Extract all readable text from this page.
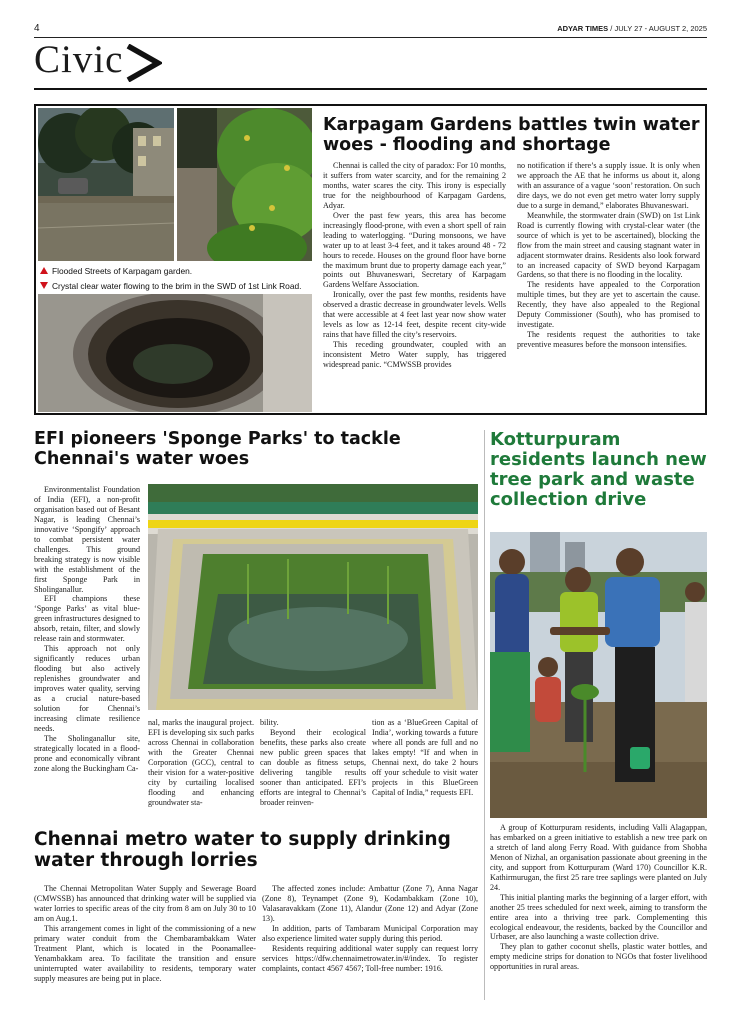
4	ADYAR TIMES / JULY 27 - AUGUST 2, 2025
Civic
Flooded Streets of Karpagam garden.
Crystal clear water flowing to the brim in the SWD of 1st Link Road.
Karpagam Gardens battles twin water woes - flooding and shortage

Chennai is called the city of paradox: For 10 months, it suffers from water scarcity, and for the remaining 2 months, water scares the city. This irony is especially true for the neighbourhood of Karpagam Gardens, Adyar.

Over the past few years, this area has become increasingly flood-prone, with even a short spell of rain leading to waterlogging. “During monsoons, we have water up to at least 3-4 feet, and it takes around 48 - 72 hours to recede. Houses on the ground floor have borne the maximum brunt due to property damage each year,” points out Bhuvaneswari, Secretary of Karpagam Gardens Welfare Association.

Ironically, over the past few months, residents have observed a drastic decrease in groundwater levels. Wells that were accessible at 4 feet last year now show water levels as low as 12-14 feet, despite recent city-wide rains that have filled the city’s reservoirs.

This receding groundwater, coupled with an inconsistent Metro Water supply, has triggered widespread panic. “CMWSSB provides

no notification if there’s a supply issue. It is only when we approach the AE that he informs us about it, along with an assurance of a vague ‘soon’ restoration. On such dire days, we do not even get metro water lorry supply due to a surge in demand,” elaborates Bhuvaneswari.

Meanwhile, the stormwater drain (SWD) on 1st Link Road is currently flowing with crystal-clear water (the source of which is yet to be ascertained), blocking the flow from the main street and causing stagnant water in adjacent stormwater drains. Residents also look forward to an increased capacity of SWD beyond Karpagam Gardens, so that there is no flooding in the locality.

The residents have appealed to the Corporation multiple times, but they are yet to ascertain the cause. Recently, they have also appealed to the Regional Deputy Commissioner (South), who has promised to investigate.

The residents request the authorities to take preventive measures before the monsoon intensifies.

EFI pioneers 'Sponge Parks' to tackle Chennai's water woes

Environmentalist Foundation of India (EFI), a non-profit organisation based out of Besant Nagar, is leading Chennai’s innovative ‘Spongify’ approach to combat persistent water challenges. This ground breaking strategy is now visible with the establishment of the first Sponge Park in Sholinganallur.

EFI champions these ‘Sponge Parks’ as vital blue-green infrastructures designed to absorb, retain, filter, and slowly release rain and stormwater.

This approach not only significantly reduces urban flooding but also actively replenishes groundwater and improves water quality, serving as a crucial nature-based solution for Chennai’s increasing climate resilience needs.

The Sholinganallur site, strategically located in a flood-prone and economically vibrant zone along the Buckingham Ca-

nal, marks the inaugural project. EFI is developing six such parks across Chennai in collaboration with the Greater Chennai Corporation (GCC), central to their vision for a water-positive city by curtailing localised flooding and enhancing groundwater sta-

bility.

Beyond their ecological benefits, these parks also create new public green spaces that can double as fitness setups, delivering tangible results sooner than anticipated. EFI’s efforts are integral to Chennai’s broader reinven-

tion as a ‘BlueGreen Capital of India’, working towards a future where all ponds are full and no lakes empty! “If and when in Chennai next, do take 2 hours off your schedule to visit water projects in this BlueGreen Capital of India,” requests EFI.

Kotturpuram residents launch new tree park and waste collection drive

A group of Kotturpuram residents, including Valli Alagappan, has embarked on a green initiative to establish a new tree park on a stretch of land along Ferry Road. With guidance from Shobha Menon of Nizhal, an organisation passionate about greening in the city, and support from Kotturpuram (Ward 170) Councillor K.R. Kathirmurugan, the first 25 rare tree saplings were planted on July 24.

This initial planting marks the beginning of a larger effort, with another 25 trees scheduled for next week, aiming to transform the entire area into a thriving tree park. Complementing this ecological endeavour, the residents, backed by the Councillor and Urbaser, are also launching a waste collection drive.

They plan to gather coconut shells, plastic water bottles, and empty medicine strips for donation to NGOs that foster livelihood opportunities in rural areas.

Chennai metro water to supply drinking water through lorries

The Chennai Metropolitan Water Supply and Sewerage Board (CMWSSB) has announced that drinking water will be supplied via water lorries to specific areas of the city from 8 am on July 30 to 10 am on Aug.1.

This arrangement comes in light of the commissioning of a new primary water conduit from the Chembarambakkam Water Treatment Plant, which is located in the Poonamallee-Yenambakkam area. To facilitate the transition and ensure uninterrupted water availability to residents, temporary water supply measures are being put in place.

The affected zones include: Ambattur (Zone 7), Anna Nagar (Zone 8), Teynampet (Zone 9), Kodambakkam (Zone 10), Valasaravakkam (Zone 11), Alandur (Zone 12) and Adyar (Zone 13).

In addition, parts of Tambaram Municipal Corporation may also experience limited water supply during this period.

Residents requiring additional water supply can request lorry services https://dfw.chennaimetrowater.in/#/index. To register complaints, contact 4567 4567; Toll-free number: 1916.
